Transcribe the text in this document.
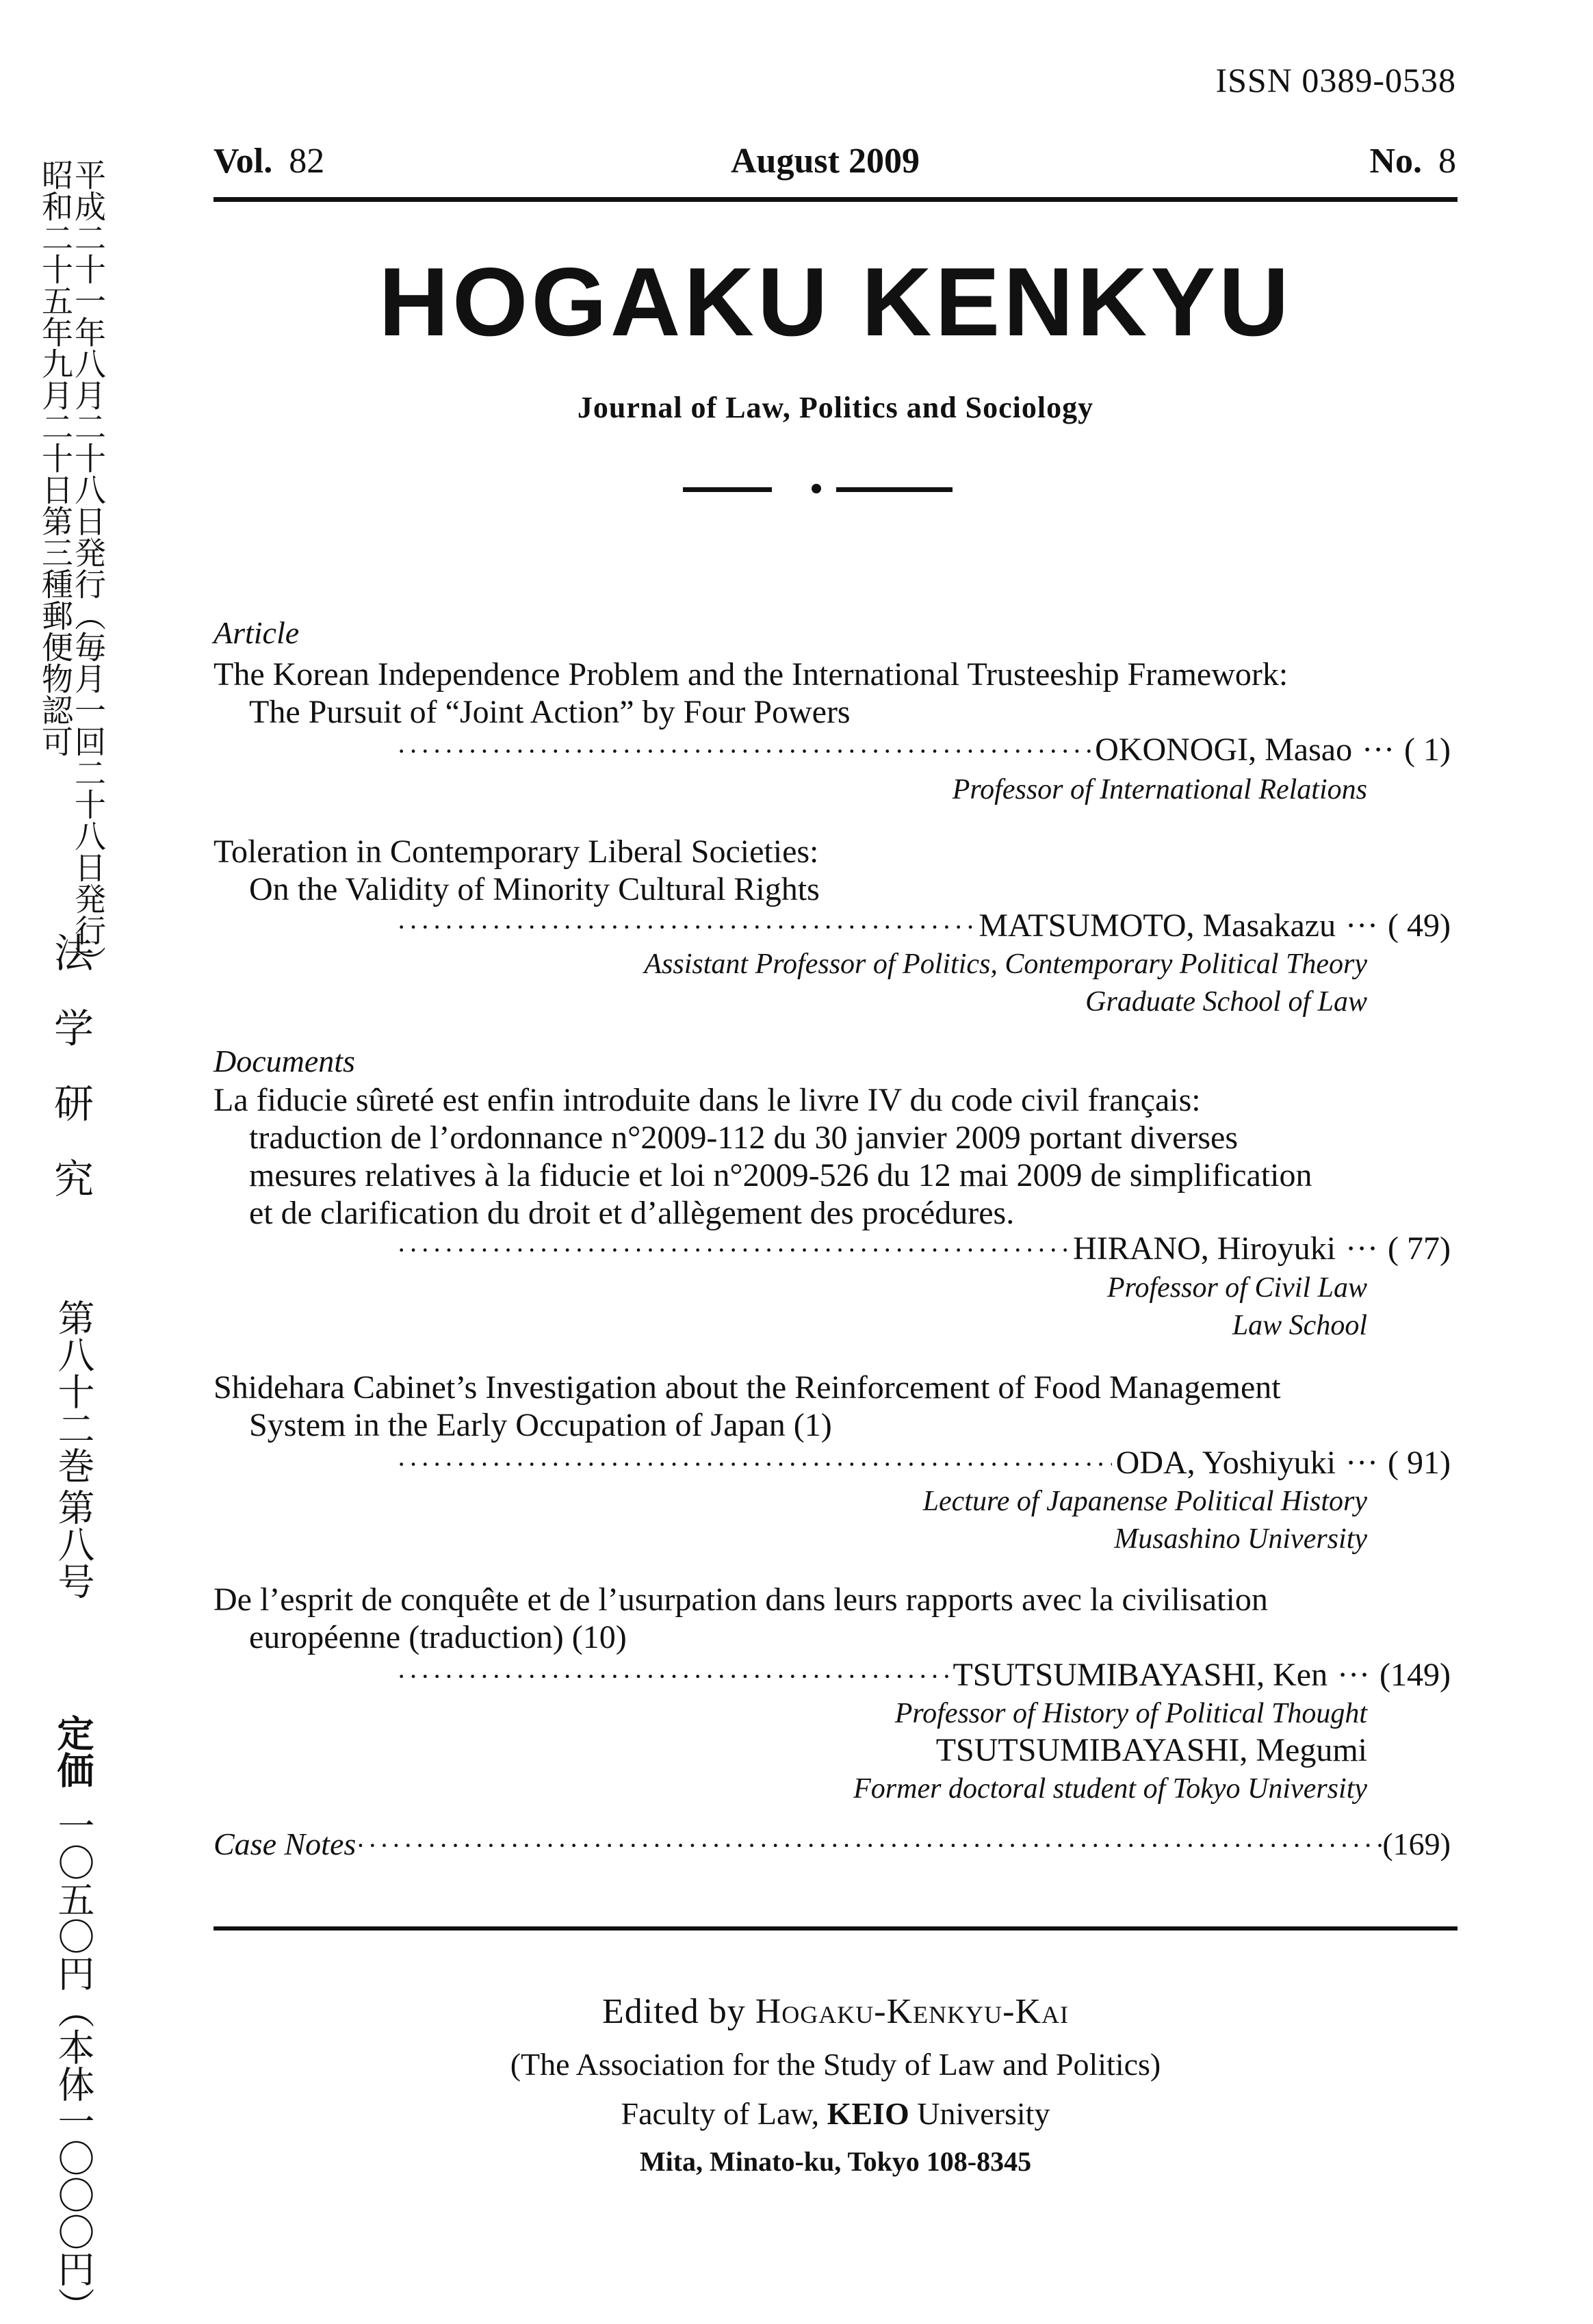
昭和二十五年九月二十日第三種郵便物認可
平成二十一年八月二十八日発行（毎月一回二十八日発行）
法学研究
第八十二巻
第八号
定価
一〇五〇円（本体一〇〇〇円）
ISSN 0389-0538
Vol. 82	August 2009	No. 8
HOGAKU KENKYU
Journal of Law, Politics and Sociology
Article
The Korean Independence Problem and the International Trusteeship Framework:
The Pursuit of “Joint Action” by Four Powers
·····
OKONOGI, Masao ··· ( 1)
Professor of International Relations
Toleration in Contemporary Liberal Societies:
On the Validity of Minority Cultural Rights
·····
MATSUMOTO, Masakazu ··· ( 49)
Assistant Professor of Politics, Contemporary Political Theory
Graduate School of Law
Documents
La fiducie sûreté est enfin introduite dans le livre IV du code civil français:
traduction de l’ordonnance n°2009-112 du 30 janvier 2009 portant diverses
mesures relatives à la fiducie et loi n°2009-526 du 12 mai 2009 de simplification
et de clarification du droit et d’allègement des procédures.
·····
HIRANO, Hiroyuki ··· ( 77)
Professor of Civil Law
Law School
Shidehara Cabinet’s Investigation about the Reinforcement of Food Management
System in the Early Occupation of Japan (1)
·····
ODA, Yoshiyuki ··· ( 91)
Lecture of Japanense Political History
Musashino University
De l’esprit de conquête et de l’usurpation dans leurs rapports avec la civilisation
européenne (traduction) (10)
·····
TSUTSUMIBAYASHI, Ken ··· (149)
Professor of History of Political Thought
TSUTSUMIBAYASHI, Megumi
Former doctoral student of Tokyo University
Case Notes
·····	(169)
Edited by Hogaku-Kenkyu-Kai
(The Association for the Study of Law and Politics)
Faculty of Law, KEIO University
Mita, Minato-ku, Tokyo 108-8345
